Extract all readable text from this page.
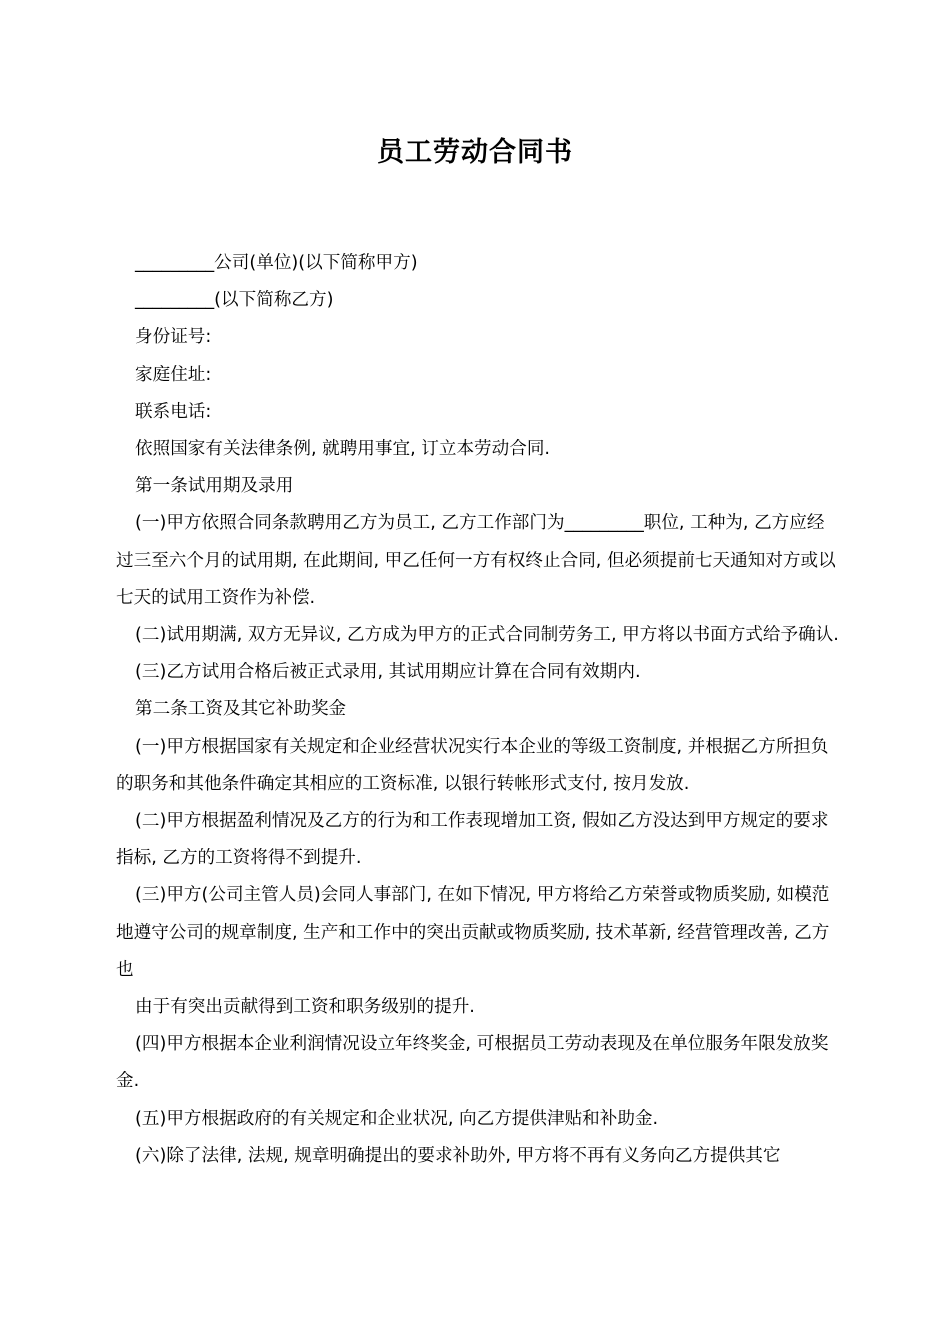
员工劳动合同书

_________公司(单位)(以下简称甲方)

_________(以下简称乙方)

身份证号:

家庭住址:

联系电话:

依照国家有关法律条例, 就聘用事宜, 订立本劳动合同.

第一条试用期及录用

(一)甲方依照合同条款聘用乙方为员工, 乙方工作部门为_________职位, 工种为, 乙方应经过三至六个月的试用期, 在此期间, 甲乙任何一方有权终止合同, 但必须提前七天通知对方或以七天的试用工资作为补偿.

(二)试用期满, 双方无异议, 乙方成为甲方的正式合同制劳务工, 甲方将以书面方式给予确认.

(三)乙方试用合格后被正式录用, 其试用期应计算在合同有效期内.

第二条工资及其它补助奖金

(一)甲方根据国家有关规定和企业经营状况实行本企业的等级工资制度, 并根据乙方所担负的职务和其他条件确定其相应的工资标准, 以银行转帐形式支付, 按月发放.

(二)甲方根据盈利情况及乙方的行为和工作表现增加工资, 假如乙方没达到甲方规定的要求指标, 乙方的工资将得不到提升.

(三)甲方(公司主管人员)会同人事部门, 在如下情况, 甲方将给乙方荣誉或物质奖励, 如模范地遵守公司的规章制度, 生产和工作中的突出贡献或物质奖励, 技术革新, 经营管理改善, 乙方也

由于有突出贡献得到工资和职务级别的提升.

(四)甲方根据本企业利润情况设立年终奖金, 可根据员工劳动表现及在单位服务年限发放奖金.

(五)甲方根据政府的有关规定和企业状况, 向乙方提供津贴和补助金.

(六)除了法律, 法规, 规章明确提出的要求补助外, 甲方将不再有义务向乙方提供其它
